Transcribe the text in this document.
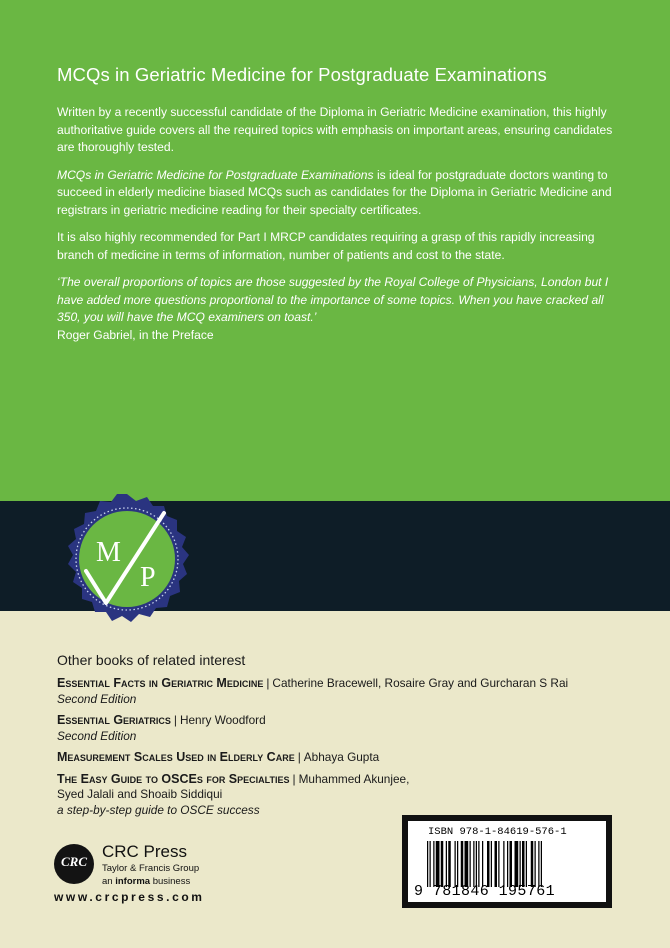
MCQs in Geriatric Medicine for Postgraduate Examinations

Written by a recently successful candidate of the Diploma in Geriatric Medicine examination, this highly authoritative guide covers all the required topics with emphasis on important areas, ensuring candidates are thoroughly tested.

MCQs in Geriatric Medicine for Postgraduate Examinations is ideal for postgraduate doctors wanting to succeed in elderly medicine biased MCQs such as candidates for the Diploma in Geriatric Medicine and registrars in geriatric medicine reading for their specialty certificates.

It is also highly recommended for Part I MRCP candidates requiring a grasp of this rapidly increasing branch of medicine in terms of information, number of patients and cost to the state.

‘The overall proportions of topics are those suggested by the Royal College of Physicians, London but I have added more questions proportional to the importance of some topics. When you have cracked all 350, you will have the MCQ examiners on toast.’

Roger Gabriel, in the Preface

M
P
Other books of related interest
Essential Facts in Geriatric Medicine | Catherine Bracewell, Rosaire Gray and Gurcharan S Rai
Second Edition
Essential Geriatrics | Henry Woodford
Second Edition
Measurement Scales Used in Elderly Care | Abhaya Gupta
The Easy Guide to OSCEs for Specialties | Muhammed Akunjee, Syed Jalali and Shoaib Siddiqui
a step-by-step guide to OSCE success
CRC
CRC Press
Taylor & Francis Group
an informa business
www.crcpress.com
ISBN 978-1-84619-576-1
9 781846 195761
